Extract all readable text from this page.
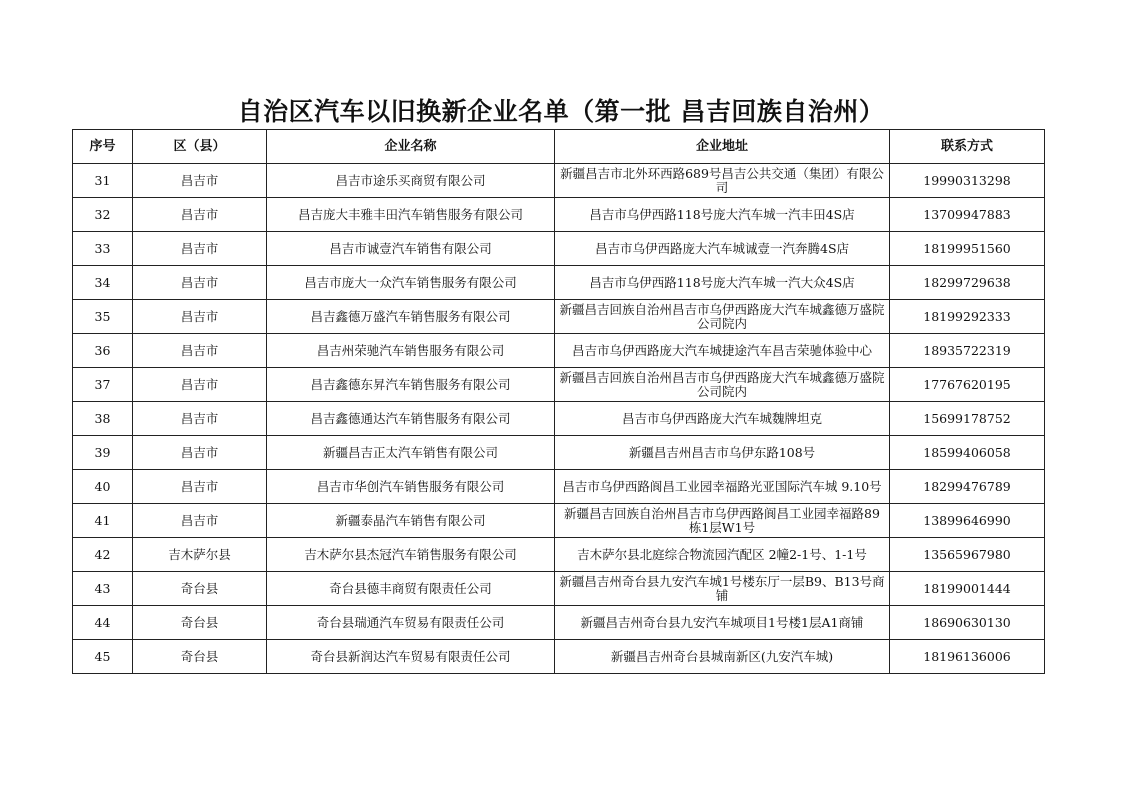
自治区汽车以旧换新企业名单（第一批 昌吉回族自治州）
序号	区（县）	企业名称	企业地址	联系方式
31	昌吉市	昌吉市途乐买商贸有限公司	新疆昌吉市北外环西路689号昌吉公共交通（集团）有限公司	19990313298
32	昌吉市	昌吉庞大丰雅丰田汽车销售服务有限公司	昌吉市乌伊西路118号庞大汽车城一汽丰田4S店	13709947883
33	昌吉市	昌吉市诚壹汽车销售有限公司	昌吉市乌伊西路庞大汽车城诚壹一汽奔腾4S店	18199951560
34	昌吉市	昌吉市庞大一众汽车销售服务有限公司	昌吉市乌伊西路118号庞大汽车城一汽大众4S店	18299729638
35	昌吉市	昌吉鑫德万盛汽车销售服务有限公司	新疆昌吉回族自治州昌吉市乌伊西路庞大汽车城鑫德万盛院公司院内	18199292333
36	昌吉市	昌吉州荣驰汽车销售服务有限公司	昌吉市乌伊西路庞大汽车城捷途汽车昌吉荣驰体验中心	18935722319
37	昌吉市	昌吉鑫德东昇汽车销售服务有限公司	新疆昌吉回族自治州昌吉市乌伊西路庞大汽车城鑫德万盛院公司院内	17767620195
38	昌吉市	昌吉鑫德通达汽车销售服务有限公司	昌吉市乌伊西路庞大汽车城魏牌坦克	15699178752
39	昌吉市	新疆昌吉正太汽车销售有限公司	新疆昌吉州昌吉市乌伊东路108号	18599406058
40	昌吉市	昌吉市华创汽车销售服务有限公司	昌吉市乌伊西路阆昌工业园幸福路光亚国际汽车城 9.10号	18299476789
41	昌吉市	新疆泰晶汽车销售有限公司	新疆昌吉回族自治州昌吉市乌伊西路阆昌工业园幸福路89栋1层W1号	13899646990
42	吉木萨尔县	吉木萨尔县杰冠汽车销售服务有限公司	吉木萨尔县北庭综合物流园汽配区 2幢2-1号、1-1号	13565967980
43	奇台县	奇台县德丰商贸有限责任公司	新疆昌吉州奇台县九安汽车城1号楼东厅一层B9、B13号商铺	18199001444
44	奇台县	奇台县瑞通汽车贸易有限责任公司	新疆昌吉州奇台县九安汽车城项目1号楼1层A1商铺	18690630130
45	奇台县	奇台县新润达汽车贸易有限责任公司	新疆昌吉州奇台县城南新区(九安汽车城)	18196136006
